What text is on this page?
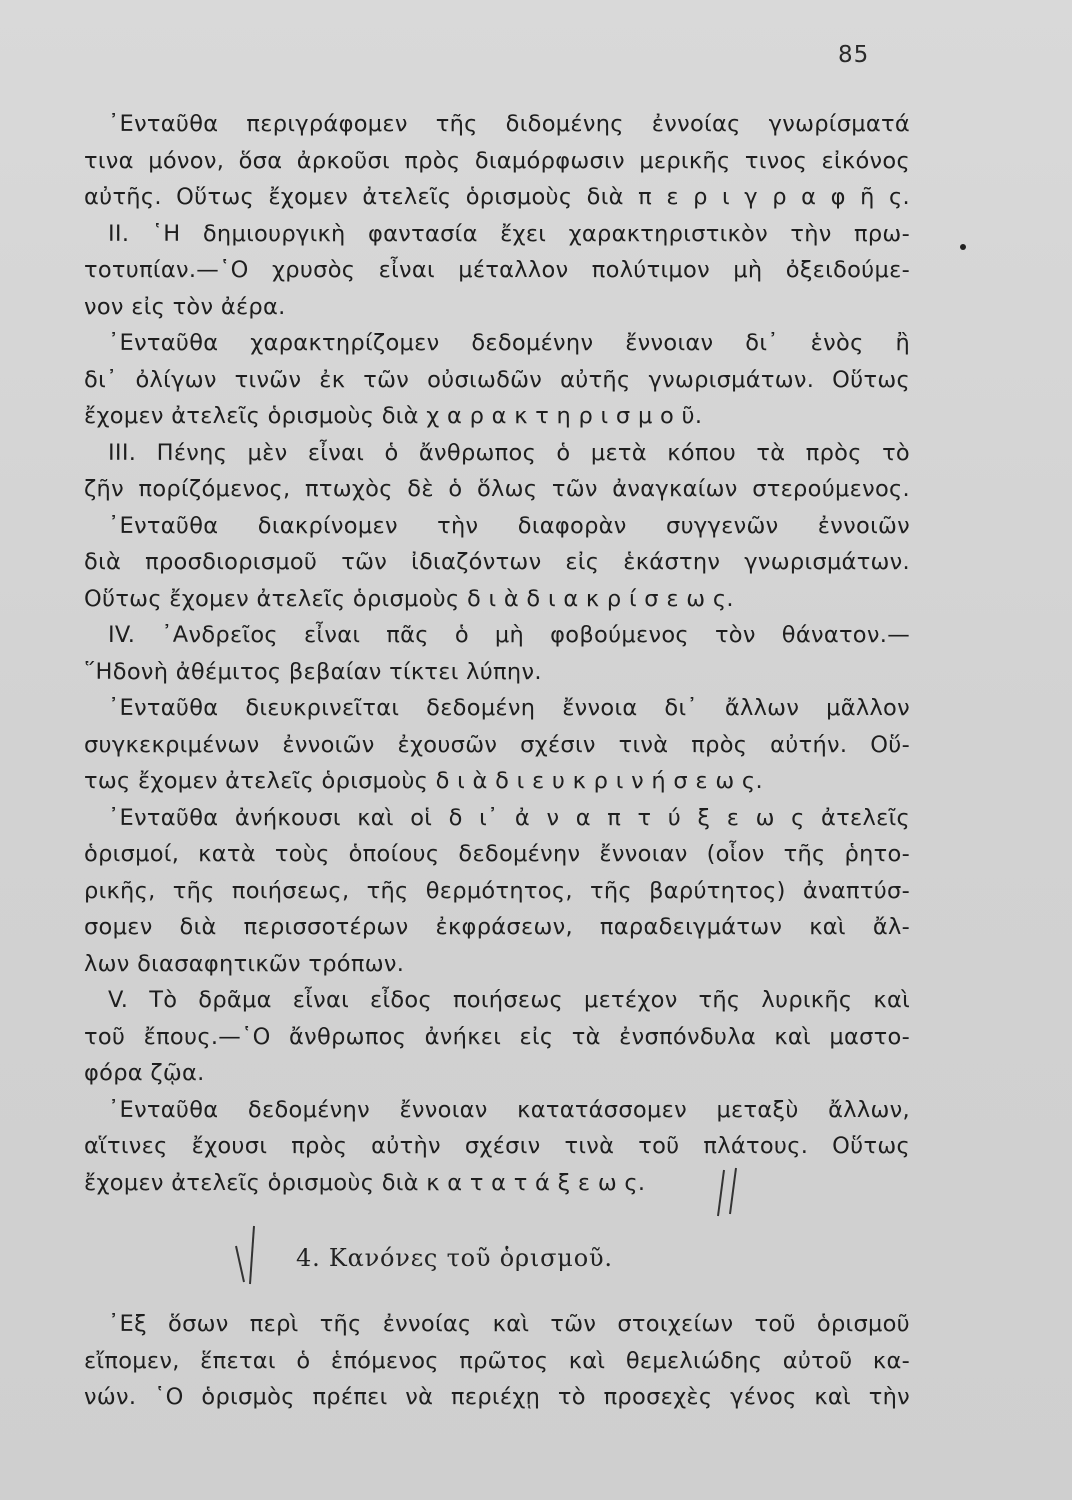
85
᾿Ενταῦθα περιγράφομεν τῆς διδομένης ἐννοίας γνωρίσματά
τινα μόνον, ὅσα ἀρκοῦσι πρὸς διαμόρφωσιν μερικῆς τινος εἰκόνος
αὐτῆς. Οὕτως ἔχομεν ἀτελεῖς ὁρισμοὺς διὰ π ε ρ ι γ ρ α φ ῆ ς.
ΙΙ. ῾Η δημιουργικὴ φαντασία ἔχει χαρακτηριστικὸν τὴν πρω-
τοτυπίαν.—῾Ο χρυσὸς εἶναι μέταλλον πολύτιμον μὴ ὀξειδούμε-
νον εἰς τὸν ἀέρα.
᾿Ενταῦθα χαρακτηρίζομεν δεδομένην ἔννοιαν δι᾿ ἑνὸς ἢ
δι᾿ ὀλίγων τινῶν ἐκ τῶν οὐσιωδῶν αὐτῆς γνωρισμάτων. Οὕτως
ἔχομεν ἀτελεῖς ὁρισμοὺς διὰ χ α ρ α κ τ η ρ ι σ μ ο ῦ.
ΙΙΙ. Πένης μὲν εἶναι ὁ ἄνθρωπος ὁ μετὰ κόπου τὰ πρὸς τὸ
ζῆν πορίζόμενος, πτωχὸς δὲ ὁ ὅλως τῶν ἀναγκαίων στερούμενος.
᾿Ενταῦθα διακρίνομεν τὴν διαφορὰν συγγενῶν ἐννοιῶν
διὰ προσδιορισμοῦ τῶν ἰδιαζόντων εἰς ἑκάστην γνωρισμάτων.
Οὕτως ἔχομεν ἀτελεῖς ὁρισμοὺς δ ι ὰ δ ι α κ ρ ί σ ε ω ς.
IV. ᾿Ανδρεῖος εἶναι πᾶς ὁ μὴ φοβούμενος τὸν θάνατον.—
῞Ηδονὴ ἀθέμιτος βεβαίαν τίκτει λύπην.
᾿Ενταῦθα διευκρινεῖται δεδομένη ἔννοια δι᾿ ἄλλων μᾶλλον
συγκεκριμένων ἐννοιῶν ἐχουσῶν σχέσιν τινὰ πρὸς αὐτήν. Οὕ-
τως ἔχομεν ἀτελεῖς ὁρισμοὺς δ ι ὰ δ ι ε υ κ ρ ι ν ή σ ε ω ς.
᾿Ενταῦθα ἀνήκουσι καὶ οἱ δ ι᾿ ἀ ν α π τ ύ ξ ε ω ς ἀτελεῖς
ὁρισμοί, κατὰ τοὺς ὁποίους δεδομένην ἔννοιαν (οἷον τῆς ῥητο-
ρικῆς, τῆς ποιήσεως, τῆς θερμότητος, τῆς βαρύτητος) ἀναπτύσ-
σομεν διὰ περισσοτέρων ἐκφράσεων, παραδειγμάτων καὶ ἄλ-
λων διασαφητικῶν τρόπων.
V. Τὸ δρᾶμα εἶναι εἶδος ποιήσεως μετέχον τῆς λυρικῆς καὶ
τοῦ ἔπους.—῾Ο ἄνθρωπος ἀνήκει εἰς τὰ ἐνσπόνδυλα καὶ μαστο-
φόρα ζῷα.
᾿Ενταῦθα δεδομένην ἔννοιαν κατατάσσομεν μεταξὺ ἄλλων,
αἵτινες ἔχουσι πρὸς αὐτὴν σχέσιν τινὰ τοῦ πλάτους. Οὕτως
ἔχομεν ἀτελεῖς ὁρισμοὺς διὰ κ α τ α τ ά ξ ε ω ς.
4. Κανόνες τοῦ ὁρισμοῦ.
᾿Εξ ὅσων περὶ τῆς ἐννοίας καὶ τῶν στοιχείων τοῦ ὁρισμοῦ
εἴπομεν, ἕπεται ὁ ἑπόμενος πρῶτος καὶ θεμελιώδης αὐτοῦ κα-
νών. ῾Ο ὁρισμὸς πρέπει νὰ περιέχῃ τὸ προσεχὲς γένος καὶ τὴν
